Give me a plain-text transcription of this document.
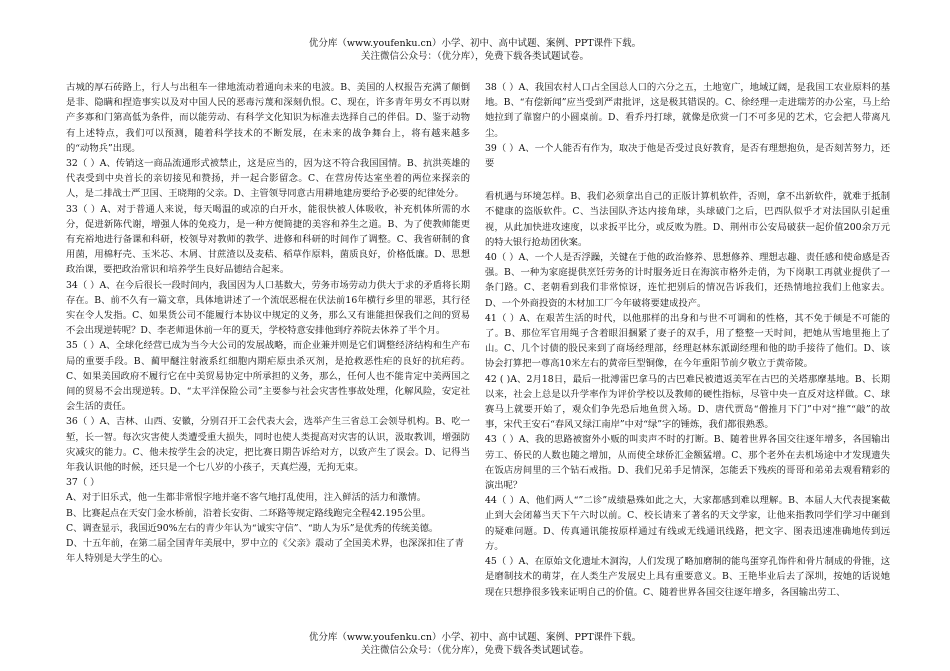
优分库（www.youfenku.cn）小学、初中、高中试题、案例、PPT课件下载。
关注微信公众号：（优分库），免费下载各类试题试卷。

古城的厚石砖路上，行人与出租车一律地流动着通向未来的电波。B、美国的人权报告充满了颠倒是非、隐瞒和捏造事实以及对中国人民的恶毒污蔑和深刻仇恨。C、现在，许多青年男女不再以财产多寡和门第高低为条件，而以能劳动、有科学文化知识为标准去选择自己的伴侣。D、鉴于动物有上述特点，我们可以预测，随着科学技术的不断发展，在未来的战争舞台上，将有越来越多的“动物兵”出现。

32（ ）A、传销这一商品流通形式被禁止，这是应当的，因为这不符合我国国情。B、抗洪英雄的代表受到中央首长的亲切接见和赞扬，并一起合影留念。C、在营房传达室坐着的两位来探亲的人，是二排战士严卫国、王晓翔的父亲。D、主管领导同意古用耕地建房要给予必要的纪律处分。

33（ ）A、对于普通人来说，每天喝温的或凉的白开水，能很快被人体吸收，补充机体所需的水分，促进新陈代谢，增强人体的免疫力，是一种方便简捷的美容和养生之道。B、为了使教师能更有充裕地进行备课和科研，校领导对教师的教学、进修和科研的时间作了调整。C、我省研制的食用菌，用棉籽壳、玉米芯、木屑、甘蔗渣以及麦秸、稻草作原料，菌质良好，价格低廉。D、思想政治课，要把政治常识和培养学生良好品德结合起来。

34（ ）A、在今后很长一段时间内，我国因为人口基数大，劳务市场劳动力供大于求的矛盾将长期存在。B、前不久有一篇文章，具体地讲述了一个流氓恶棍在伏法前16年横行乡里的罪恶，其行径实在令人发指。C、如果货公司不能履行本协议中规定的义务，那么又有谁能担保我们之间的贸易不会出现逆转呢？D、李老师退休前一年的夏天，学校特意安排他到疗养院去休养了半个月。

35（ ）A、全球化经营已成为当今大公司的发展战略，而企业兼并则是它们调整经济结构和生产布局的重要手段。B、蔺甲醚注射液系红细胞内期疟原虫杀灭剂，是抢救恶性疟的良好的抗疟药。C、如果美国政府不履行它在中美贸易协定中所承担的义务，那么，任何人也不能肯定中美两国之间的贸易不会出现逆转。D、“太平洋保险公司”主要参与社会灾害性事故处理，化解风险，安定社会生活的责任。

36（ ）A、吉林、山西、安徽，分别召开工会代表大会，选举产生三省总工会领导机构。B、吃一堑，长一智。每次灾害使人类遭受重大损失，同时也使人类提高对灾害的认识，汲取教训，增强防灾减灾的能力。C、他未按学生会的决定，把比赛日期告诉给对方，以致产生了误会。D、记得当年我认识他的时候，还只是一个七八岁的小孩子，天真烂漫，无拘无束。

37（ ）

A、对于旧乐式，他一生都非常恨字地并毫不客气地打乱使用，注入鲜活的活力和激情。

B、比赛起点在天安门金水桥前，沿着长安街、二环路等规定路线跑完全程42.195公里。

C、调查显示，我国近90%左右的青少年认为“诚实守信”、“助人为乐”是优秀的传统美德。

D、十五年前，在第二届全国青年美展中，罗中立的《父亲》震动了全国美术界，也深深扣住了青

年人特别是大学生的心。

38（ ）A、我国农村人口占全国总人口的六分之五，土地宽广，地域辽阔，是我国工农业原料的基地。B、“有偿新闻”应当受到严肃批评，这是极其错误的。C、徐经理一走进瑞芳的办公室，马上给她拉到了靠窗户的小圆桌前。D、看乔丹打球，就像是欣赏一门不可多见的艺术，它会把人带离凡尘。

39（ ）A、一个人能否有作为，取决于他是否受过良好教育，是否有理想抱负，是否刻苦努力，还要

看机遇与环境怎样。B、我们必须拿出自己的正版计算机软件，否则，拿不出新软件，就难于抵制不健康的盗版软件。C、当法国队齐达内接角球，头球破门之后，巴西队似乎才对法国队引起重视，从此加快进攻速度，以求扳平比分，或反败为胜。D、荆州市公安局破获一起价值200余万元的特大银行抢劫团伙案。

40（ ）A、一个人是否浮躁，关键在于他的政治修养、思想修养、理想志趣、责任感和使命感是否强。B、一种为家庭提供烹饪劳务的计时服务近日在海滨市格外走俏，为下岗职工再就业提供了一条门路。C、老朝看到我们非常惊讶，连忙把别后的情况告诉我们，还热情地拉我们上他家去。D、一个外商投资的木材加工厂今年破将要建成投产。

41（ ）A、在艰苦生活的时代，以他那样的出身和与世不可调和的性格，其不免于倾是不可能的了。B、那位军官用绳子含着眼泪捆紧了妻子的双手，用了整整一天时间，把她从雪地里拖上了山。C、几个讨债的股民来到了商场经理部，经理赵林东派副经理和他的助手接待了他们。D、该协会打算把一尊高10米左右的黄帝巨型铜像，在今年重阳节前夕敬立于黄帝陵。

42 ( )A、2月18日，最后一批溥雷巴拿马的古巴难民被遣返美军在古巴的关塔那摩基地。B、长期以来，社会上总是以升学率作为评价学校以及教师的硬性指标，尽管中央一直反对这样做。C、球赛马上就要开始了，观众们争先恐后地鱼贯入场。D、唐代贾岛“僧推月下门”中对“推”“敲”的故事，宋代王安石“春风又绿江南岸”中对“绿”字的锤炼，我们都很熟悉。

43（ ）A、我的思路被窗外小贩的叫卖声不时的打断。B、随着世界各国交往逐年增多，各国输出劳工、侨民的人数也随之增加，从而使全球侨汇金额猛增。C、那个老外在去机场途中才发现遗失在饭店房间里的三个钻石戒指。D、我们兄弟手足情深，怎能丢下残疾的哥哥和弟弟去观看精彩的演出呢？

44（ ）A、他们两人“”二诊”成绩悬殊如此之大，大家都感到难以理解。B、本届人大代表提案截止到大会闭幕当天下午六时以前。C、校长请来了著名的天文学家，让他来指教同学们学习中砸到的疑难问题。D、传真通讯能按原样通过有线或无线通讯线路，把文字、图表迅速准确地传到远方。

45（ ）A、在原始文化遗址木洞沟，人们发现了略加磨制的能鸟蛋穿孔饰件和骨片制成的骨锥，这是磨制技术的萌芽，在人类生产发展史上具有重要意义。B、王艳毕业后去了深圳，按她的话说她现在只想挣很多钱来证明自己的价值。C、随着世界各国交往逐年增多，各国输出劳工、

优分库（www.youfenku.cn）小学、初中、高中试题、案例、PPT课件下载。
关注微信公众号：（优分库），免费下载各类试题试卷。
